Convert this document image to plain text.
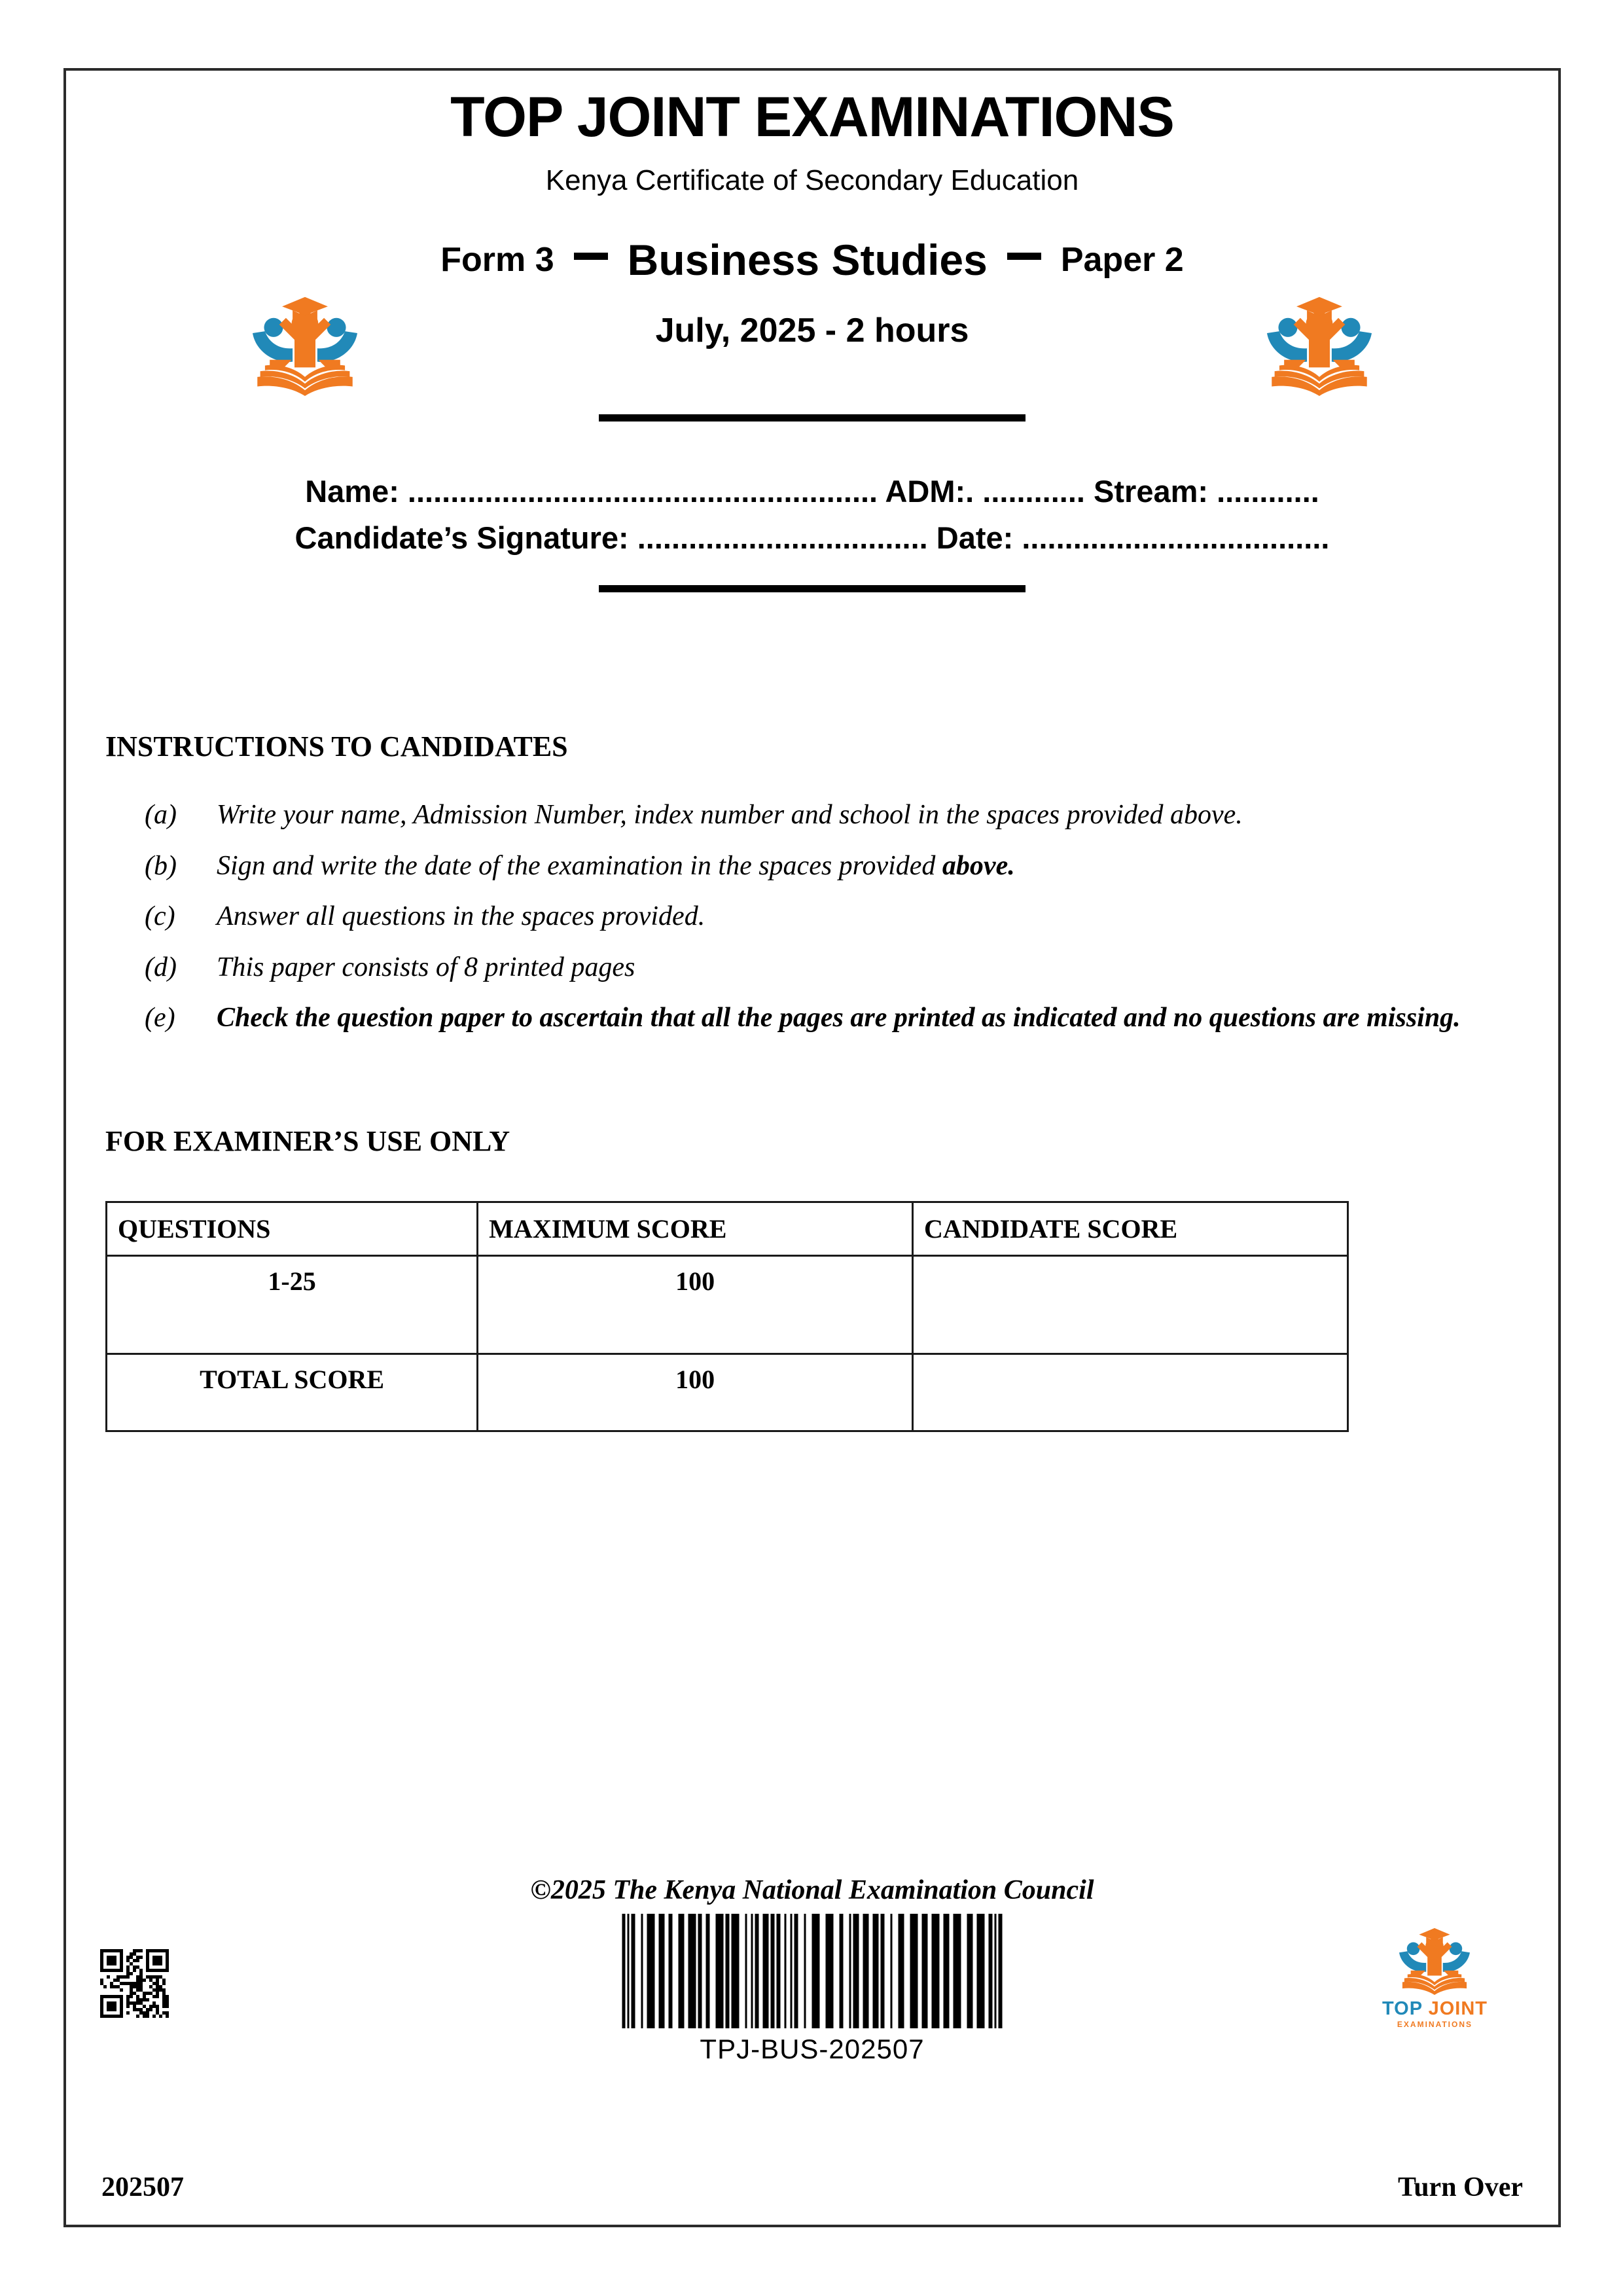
TOP JOINT EXAMINATIONS
Kenya Certificate of Secondary Education
Form 3 Business Studies Paper 2
July, 2025 - 2 hours
Name: ....................................................... ADM:. ............ Stream: ............
Candidate’s Signature: .................................. Date: ....................................
INSTRUCTIONS TO CANDIDATES
(a)	Write your name, Admission Number, index number and school in the spaces provided above.
(b)	Sign and write the date of the examination in the spaces provided above.
(c)	Answer all questions in the spaces provided.
(d)	This paper consists of 8 printed pages
(e)	Check the question paper to ascertain that all the pages are printed as indicated and no questions are missing.
FOR EXAMINER’S USE ONLY
QUESTIONS	MAXIMUM SCORE	CANDIDATE SCORE
1-25	100	
TOTAL SCORE	100	
©2025 The Kenya National Examination Council
TPJ-BUS-202507
TOP JOINT
EXAMINATIONS
202507	Turn Over
